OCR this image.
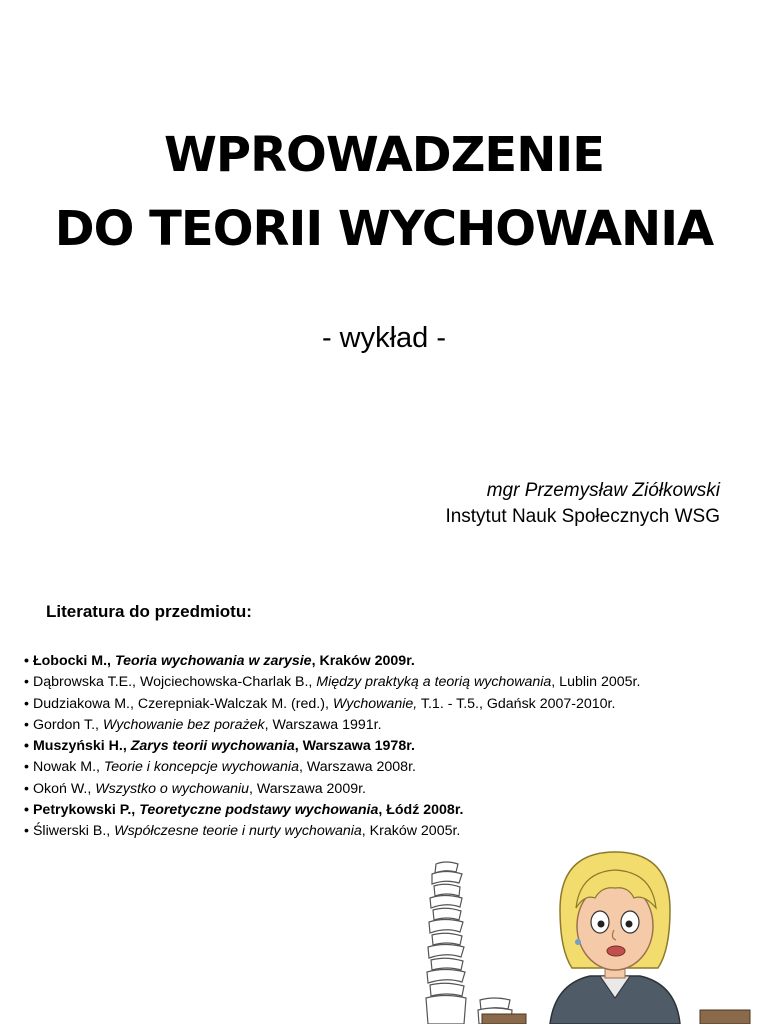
WPROWADZENIE
DO TEORII WYCHOWANIA
- wykład -
mgr Przemysław Ziółkowski
Instytut Nauk Społecznych WSG
Literatura do przedmiotu:
• Łobocki M., Teoria wychowania w zarysie, Kraków 2009r.
• Dąbrowska T.E., Wojciechowska-Charlak B., Między praktyką a teorią wychowania, Lublin 2005r.
• Dudziakowa M., Czerepniak-Walczak M. (red.), Wychowanie, T.1. - T.5., Gdańsk 2007-2010r.
• Gordon T., Wychowanie bez porażek, Warszawa 1991r.
• Muszyński H., Zarys teorii wychowania, Warszawa 1978r.
• Nowak M., Teorie i koncepcje wychowania, Warszawa 2008r.
• Okoń W., Wszystko o wychowaniu, Warszawa 2009r.
• Petrykowski P., Teoretyczne podstawy wychowania, Łódź 2008r.
• Śliwerski B., Współczesne teorie i nurty wychowania, Kraków 2005r.
